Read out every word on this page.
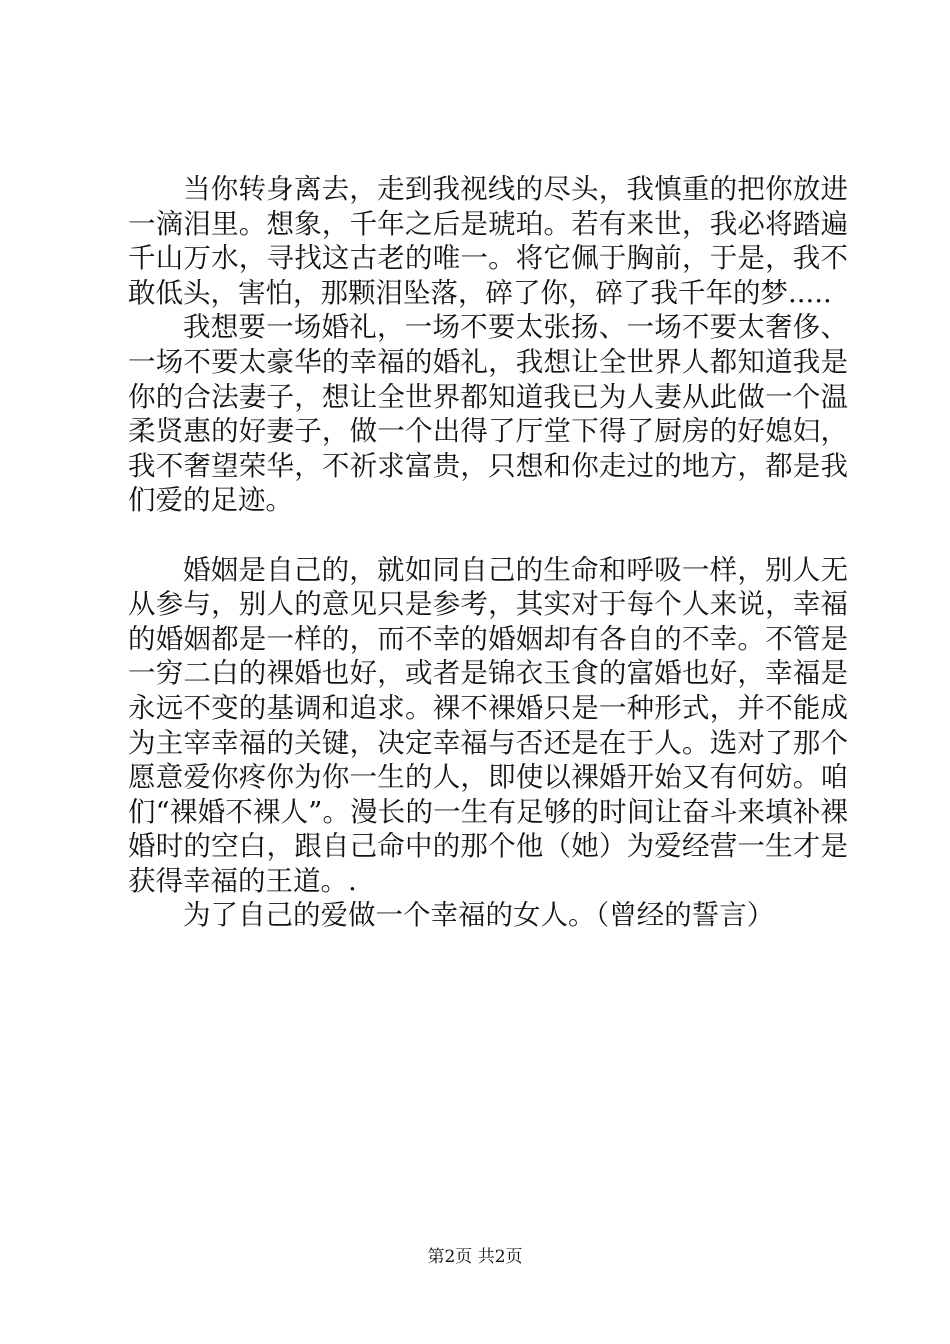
当你转身离去，走到我视线的尽头，我慎重的把你放进一滴泪里。想象，千年之后是琥珀。若有来世，我必将踏遍千山万水，寻找这古老的唯一。将它佩于胸前，于是，我不敢低头，害怕，那颗泪坠落，碎了你，碎了我千年的梦.....

我想要一场婚礼，一场不要太张扬、一场不要太奢侈、一场不要太豪华的幸福的婚礼，我想让全世界人都知道我是你的合法妻子，想让全世界都知道我已为人妻从此做一个温柔贤惠的好妻子，做一个出得了厅堂下得了厨房的好媳妇，我不奢望荣华，不祈求富贵，只想和你走过的地方，都是我们爱的足迹。

婚姻是自己的，就如同自己的生命和呼吸一样，别人无从参与，别人的意见只是参考，其实对于每个人来说，幸福的婚姻都是一样的，而不幸的婚姻却有各自的不幸。不管是一穷二白的裸婚也好，或者是锦衣玉食的富婚也好，幸福是永远不变的基调和追求。裸不裸婚只是一种形式，并不能成为主宰幸福的关键，决定幸福与否还是在于人。选对了那个愿意爱你疼你为你一生的人，即使以裸婚开始又有何妨。咱们“裸婚不裸人”。漫长的一生有足够的时间让奋斗来填补裸婚时的空白，跟自己命中的那个他（她）为爱经营一生才是获得幸福的王道。.

为了自己的爱做一个幸福的女人。（曾经的誓言）

第2页 共2页
